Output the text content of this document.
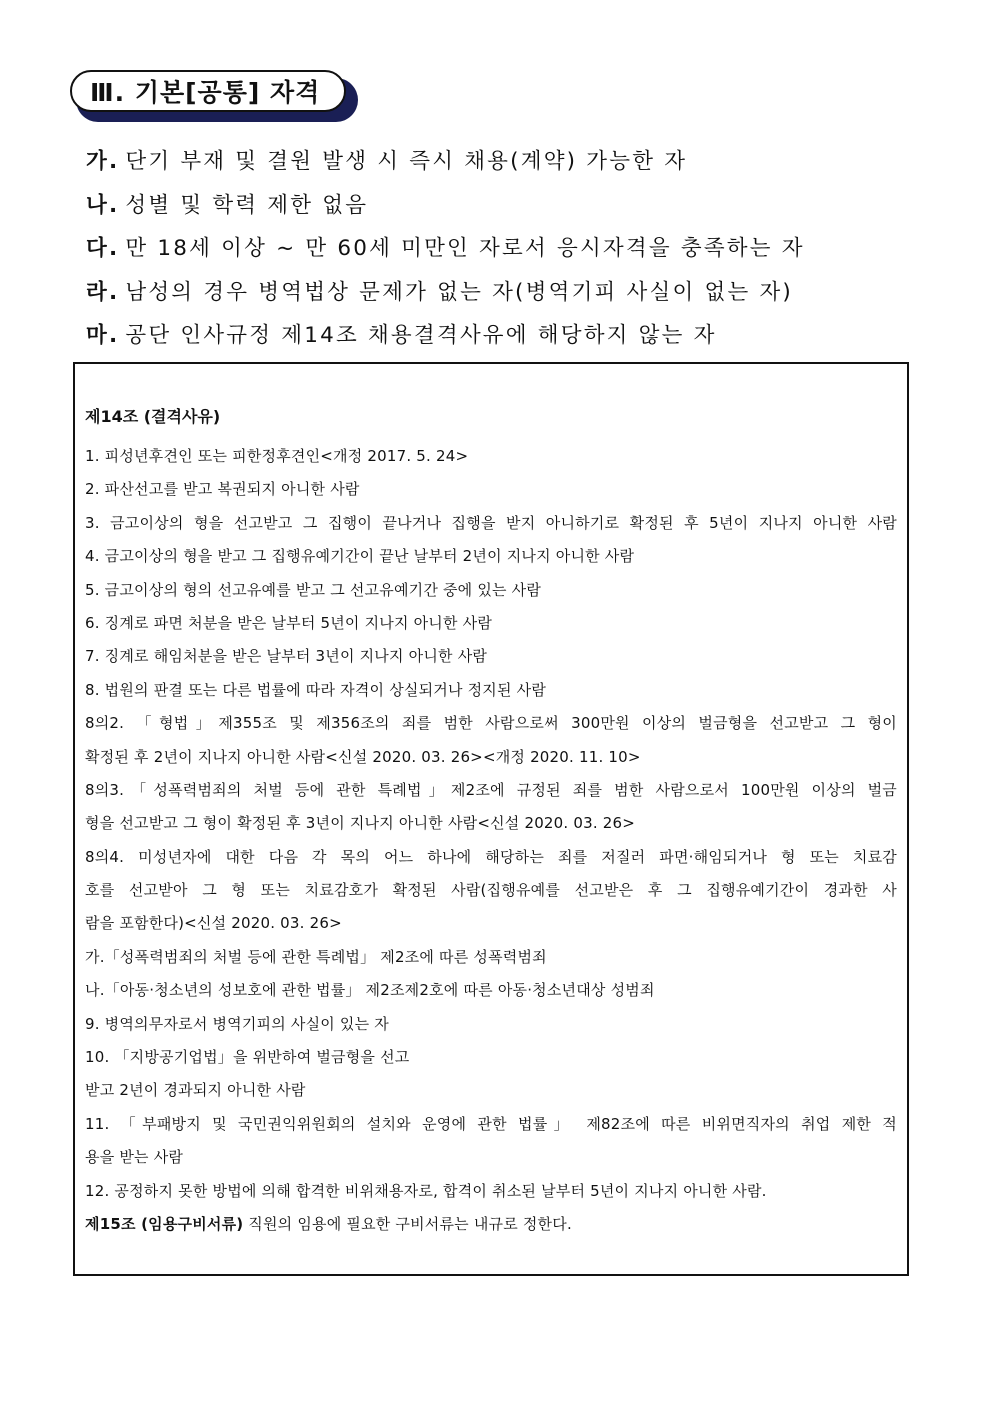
Ⅲ. 기본[공통] 자격
가. 단기 부재 및 결원 발생 시 즉시 채용(계약) 가능한 자
나. 성별 및 학력 제한 없음
다. 만 18세 이상 ~ 만 60세 미만인 자로서 응시자격을 충족하는 자
라. 남성의 경우 병역법상 문제가 없는 자(병역기피 사실이 없는 자)
마. 공단 인사규정 제14조 채용결격사유에 해당하지 않는 자
제14조 (결격사유)
1. 피성년후견인 또는 피한정후견인<개정 2017. 5. 24>
2. 파산선고를 받고 복권되지 아니한 사람
3. 금고이상의 형을 선고받고 그 집행이 끝나거나 집행을 받지 아니하기로 확정된 후 5년이 지나지 아니한 사람
4. 금고이상의 형을 받고 그 집행유예기간이 끝난 날부터 2년이 지나지 아니한 사람
5. 금고이상의 형의 선고유예를 받고 그 선고유예기간 중에 있는 사람
6. 징계로 파면 처분을 받은 날부터 5년이 지나지 아니한 사람
7. 징계로 해임처분을 받은 날부터 3년이 지나지 아니한 사람
8. 법원의 판결 또는 다른 법률에 따라 자격이 상실되거나 정지된 사람
8의2. 「형법」제355조 및 제356조의 죄를 범한 사람으로써 300만원 이상의 벌금형을 선고받고 그 형이
확정된 후 2년이 지나지 아니한 사람<신설 2020. 03. 26><개정 2020. 11. 10>
8의3.「성폭력범죄의 처벌 등에 관한 특례법」제2조에 규정된 죄를 범한 사람으로서 100만원 이상의 벌금
형을 선고받고 그 형이 확정된 후 3년이 지나지 아니한 사람<신설 2020. 03. 26>
8의4. 미성년자에 대한 다음 각 목의 어느 하나에 해당하는 죄를 저질러 파면·해임되거나 형 또는 치료감
호를 선고받아 그 형 또는 치료감호가 확정된 사람(집행유예를 선고받은 후 그 집행유예기간이 경과한 사
람을 포함한다)<신설 2020. 03. 26>
가.「성폭력범죄의 처벌 등에 관한 특례법」 제2조에 따른 성폭력범죄
나.「아동·청소년의 성보호에 관한 법률」 제2조제2호에 따른 아동·청소년대상 성범죄
9. 병역의무자로서 병역기피의 사실이 있는 자
10. 「지방공기업법」을 위반하여 벌금형을 선고
받고 2년이 경과되지 아니한 사람
11. 「부패방지 및 국민권익위원회의 설치와 운영에 관한 법률」 제82조에 따른 비위면직자의 취업 제한 적
용을 받는 사람
12. 공정하지 못한 방법에 의해 합격한 비위채용자로, 합격이 취소된 날부터 5년이 지나지 아니한 사람.
제15조 (임용구비서류) 직원의 임용에 필요한 구비서류는 내규로 정한다.
